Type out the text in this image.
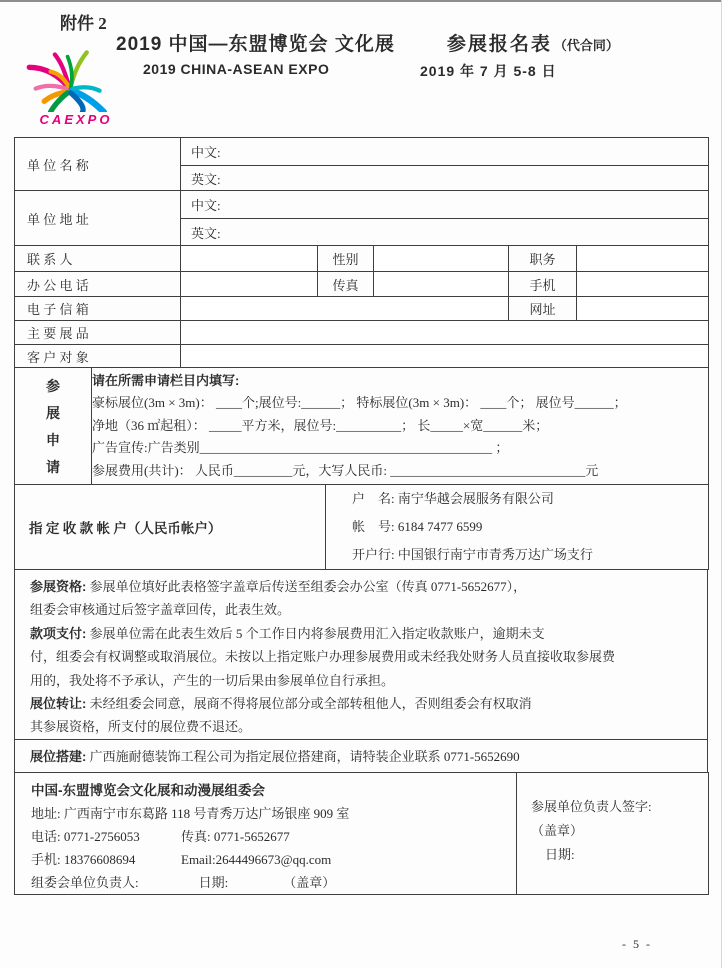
附件 2
2019 中国—东盟博览会 文化展	参展报名表 （代合同）
2019 CHINA-ASEAN EXPO	2019 年 7 月 5-8 日
CAEXPO
单 位 名 称	中文:				
	英文:				
单 位 地 址	中文:				
	英文:				
联 系 人		性别		职务	
办 公 电 话		传真		手机	
电 子 信 箱				网址	
主 要 展 品					
客 户 对 象					
参
展
申
请

请在所需申请栏目内填写:
豪标展位(3m × 3m)： ____个;展位号:______； 特标展位(3m × 3m)： ____个； 展位号______；
净地（36 ㎡起租）： _____平方米，展位号:__________； 长_____×宽______米；
广告宣传:广告类别_____________________________________________ ；
参展费用(共计)： 人民币_________元，大写人民币: ______________________________元
指 定 收 款 帐 户（人民币帐户）	
户　名: 南宁华越会展服务有限公司
帐　号: 6184 7477 6599
开户行: 中国银行南宁市青秀万达广场支行
参展资格: 参展单位填好此表格签字盖章后传送至组委会办公室（传真 0771-5652677），
组委会审核通过后签字盖章回传，此表生效。
款项支付: 参展单位需在此表生效后 5 个工作日内将参展费用汇入指定收款账户，逾期未支
付，组委会有权调整或取消展位。未按以上指定账户办理参展费用或未经我处财务人员直接收取参展费
用的，我处将不予承认，产生的一切后果由参展单位自行承担。
展位转让: 未经组委会同意，展商不得将展位部分或全部转租他人，否则组委会有权取消
其参展资格，所支付的展位费不退还。
展位搭建: 广西施耐德装饰工程公司为指定展位搭建商，请特装企业联系 0771-5652690
中国-东盟博览会文化展和动漫展组委会
地址: 广西南宁市东葛路 118 号青秀万达广场银座 909 室
电话: 0771-2756053	传真: 0771-5652677
手机: 18376608694	Email:2644496673@qq.com
组委会单位负责人:	日期:	（盖章）

参展单位负责人签字:
（盖章）
日期:
- 5 -
